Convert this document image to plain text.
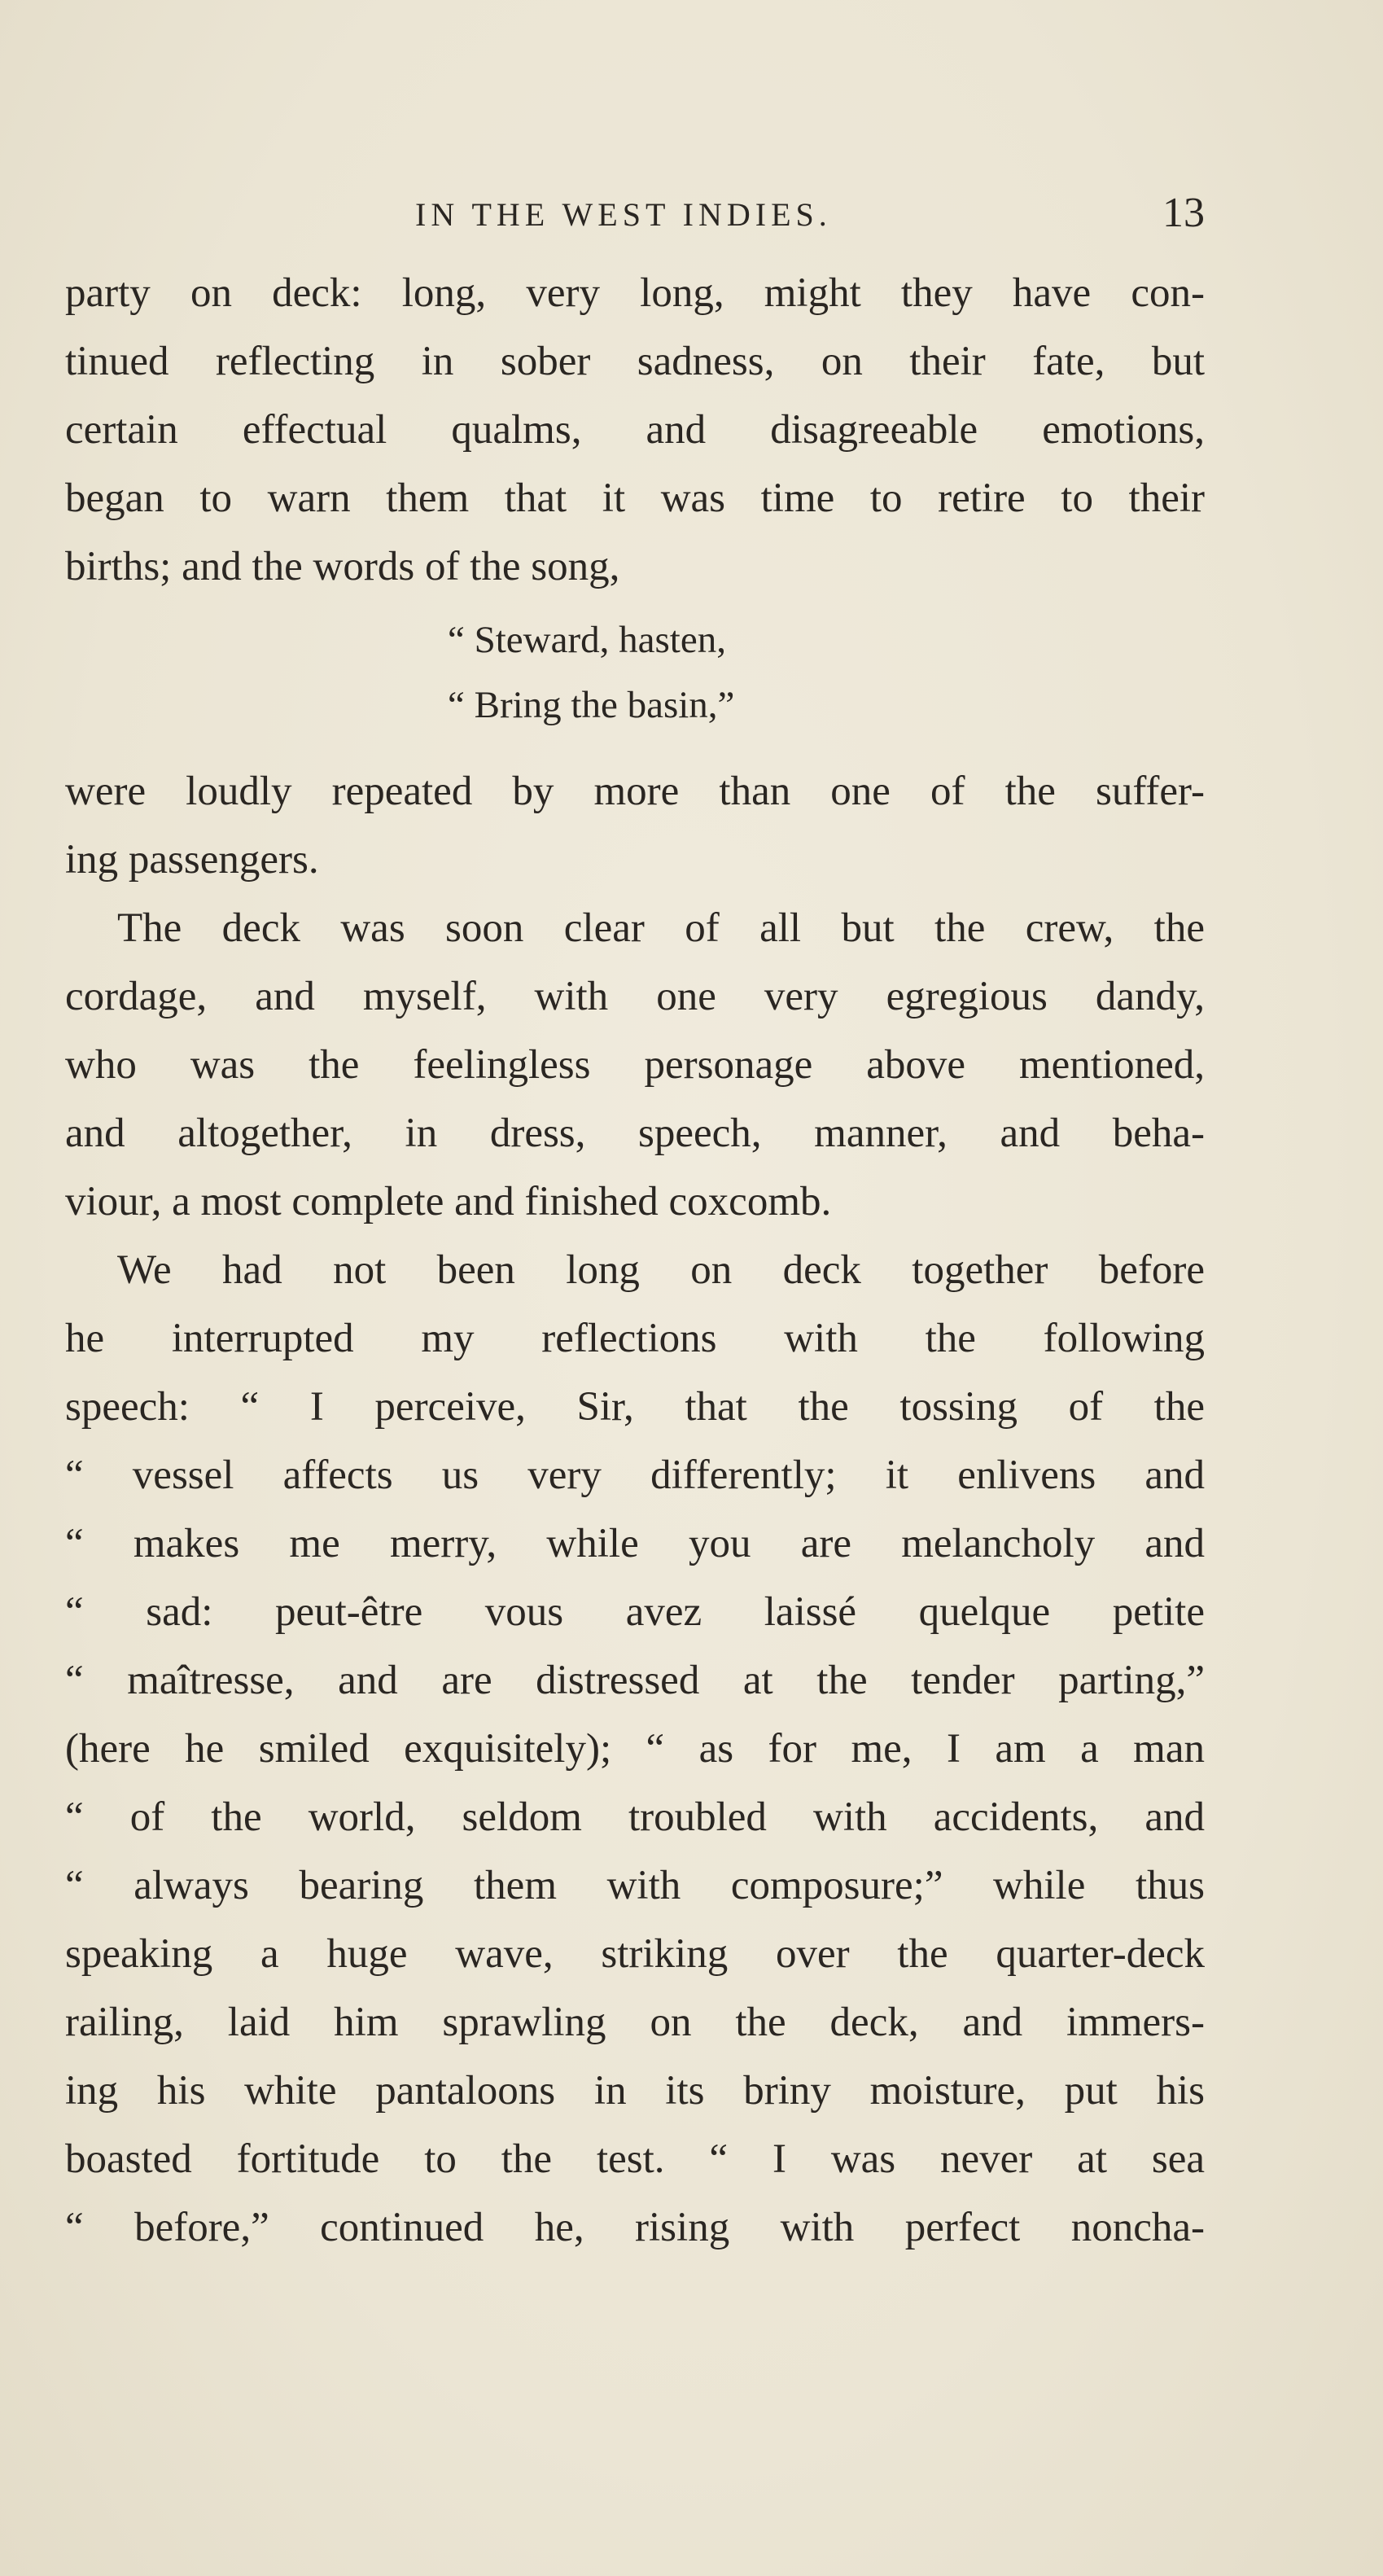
IN THE WEST INDIES.	13
party on deck: long, very long, might they have con-
tinued reflecting in sober sadness, on their fate, but
certain effectual qualms, and disagreeable emotions,
began to warn them that it was time to retire to their
births; and the words of the song,
“ Steward, hasten,
“ Bring the basin,”
were loudly repeated by more than one of the suffer-
ing passengers.
The deck was soon clear of all but the crew, the
cordage, and myself, with one very egregious dandy,
who was the feelingless personage above mentioned,
and altogether, in dress, speech, manner, and beha-
viour, a most complete and finished coxcomb.
We had not been long on deck together before
he interrupted my reflections with the following
speech: “ I perceive, Sir, that the tossing of the
“ vessel affects us very differently; it enlivens and
“ makes me merry, while you are melancholy and
“ sad: peut-être vous avez laissé quelque petite
“ maîtresse, and are distressed at the tender parting,”
(here he smiled exquisitely); “ as for me, I am a man
“ of the world, seldom troubled with accidents, and
“ always bearing them with composure;” while thus
speaking a huge wave, striking over the quarter-deck
railing, laid him sprawling on the deck, and immers-
ing his white pantaloons in its briny moisture, put his
boasted fortitude to the test. “ I was never at sea
“ before,” continued he, rising with perfect noncha-
